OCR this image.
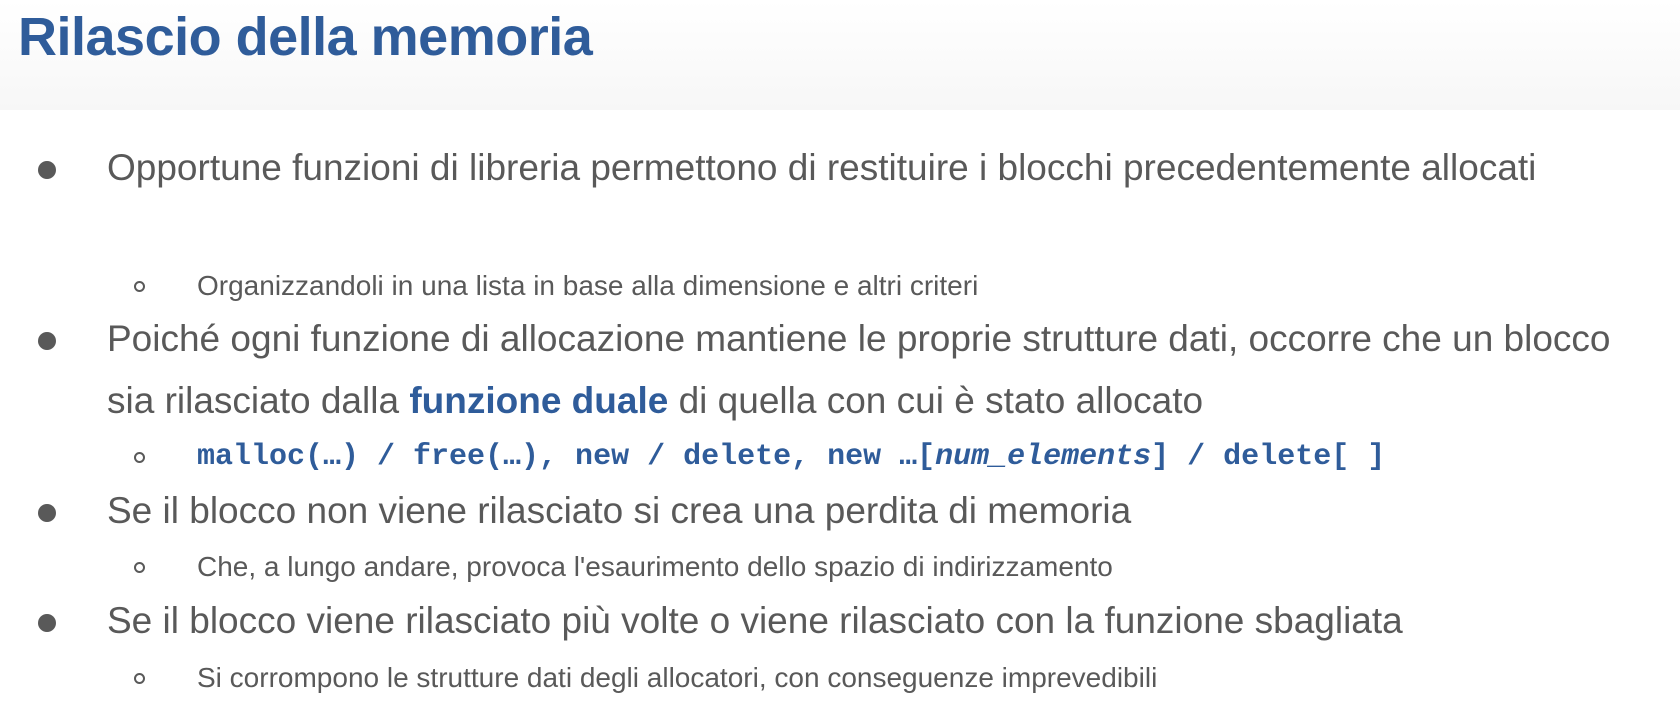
Rilascio della memoria
Opportune funzioni di libreria permettono di restituire i blocchi precedentemente allocati
Organizzandoli in una lista in base alla dimensione e altri criteri
Poiché ogni funzione di allocazione mantiene le proprie strutture dati, occorre che un blocco sia rilasciato dalla funzione duale di quella con cui è stato allocato
malloc(…) / free(…), new / delete, new …[num_elements] / delete[ ]
Se il blocco non viene rilasciato si crea una perdita di memoria
Che, a lungo andare, provoca l'esaurimento dello spazio di indirizzamento
Se il blocco viene rilasciato più volte o viene rilasciato con la funzione sbagliata
Si corrompono le strutture dati degli allocatori, con conseguenze imprevedibili
